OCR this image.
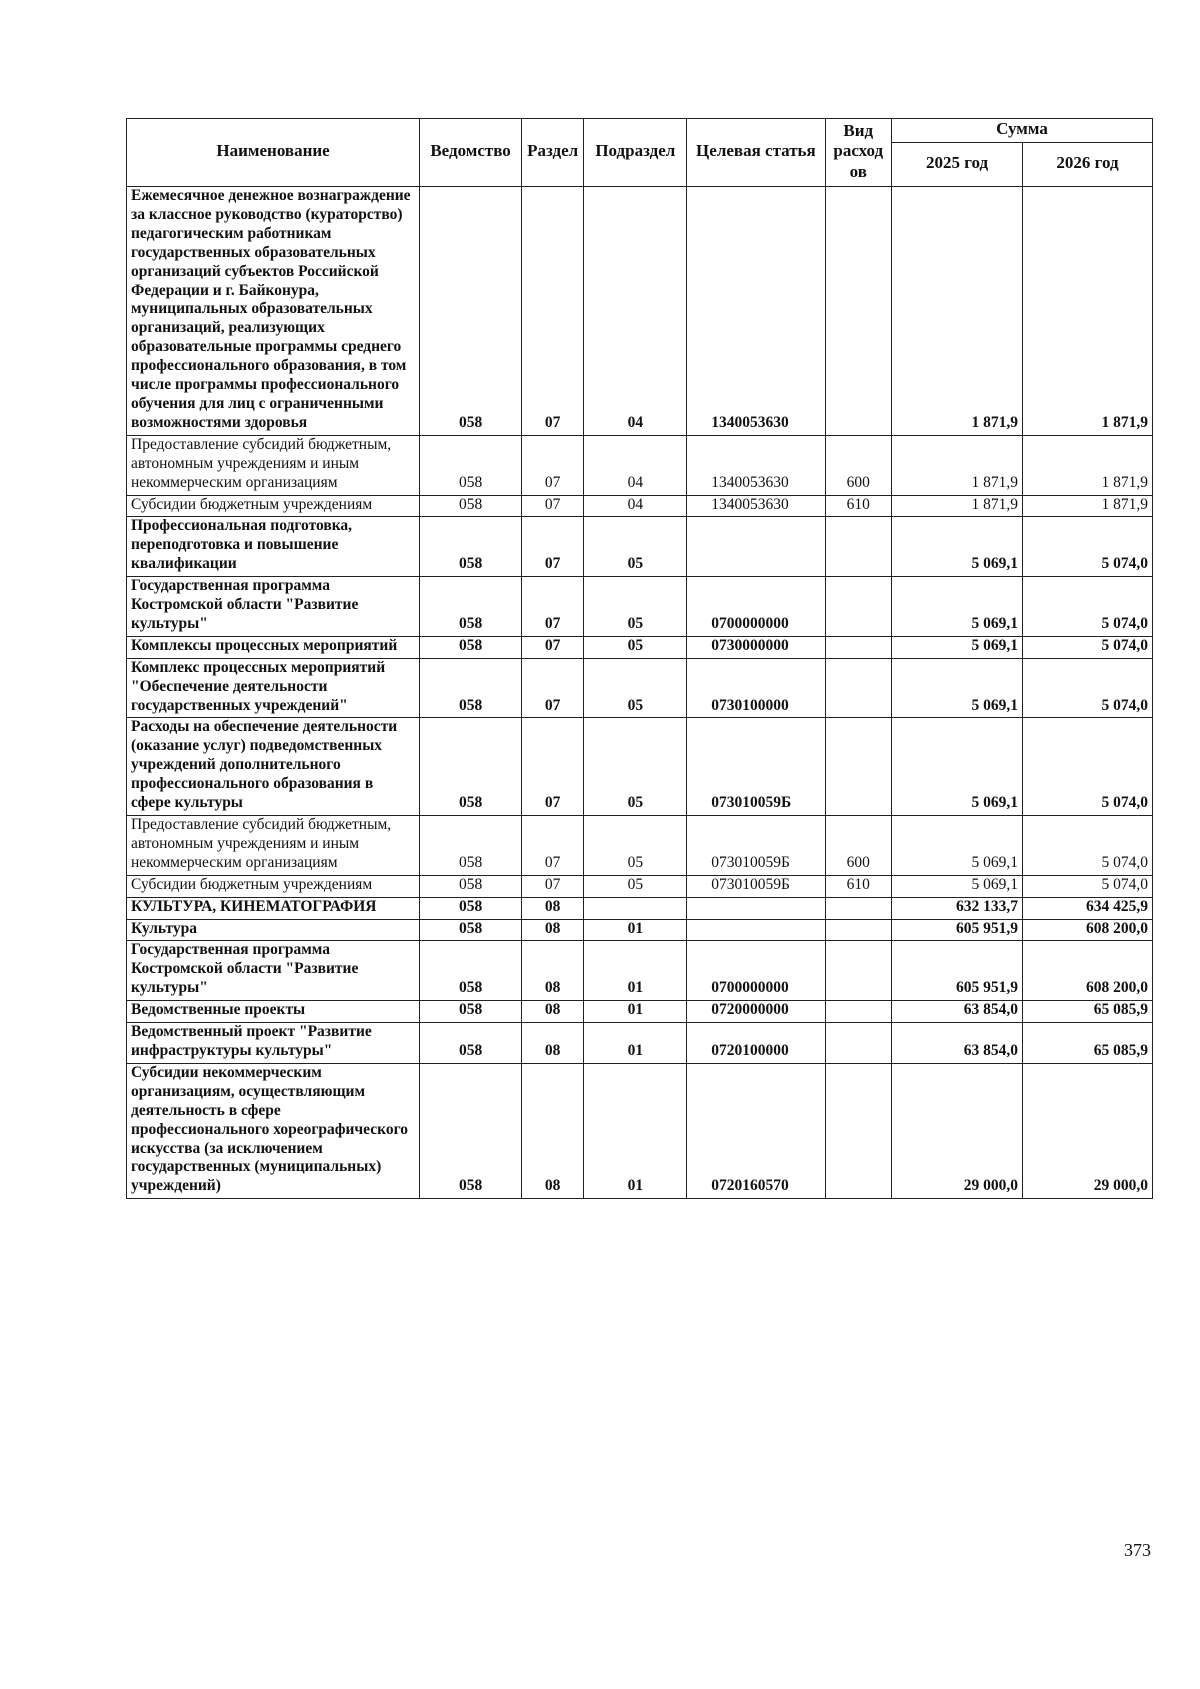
Наименование	Ведомство	Раздел	Подраздел	Целевая статья	Вид расход ов	Сумма	
						2025 год	2026 год
Ежемесячное денежное вознаграждение за классное руководство (кураторство) педагогическим работникам государственных образовательных организаций субъектов Российской Федерации и г. Байконура, муниципальных образовательных организаций, реализующих образовательные программы среднего профессионального образования, в том числе программы профессионального обучения для лиц с ограниченными возможностями здоровья	058	07	04	1340053630		1 871,9	1 871,9
Предоставление субсидий бюджетным, автономным учреждениям и иным некоммерческим организациям	058	07	04	1340053630	600	1 871,9	1 871,9
Субсидии бюджетным учреждениям	058	07	04	1340053630	610	1 871,9	1 871,9
Профессиональная подготовка, переподготовка и повышение квалификации	058	07	05			5 069,1	5 074,0
Государственная программа Костромской области "Развитие культуры"	058	07	05	0700000000		5 069,1	5 074,0
Комплексы процессных мероприятий	058	07	05	0730000000		5 069,1	5 074,0
Комплекс процессных мероприятий "Обеспечение деятельности государственных учреждений"	058	07	05	0730100000		5 069,1	5 074,0
Расходы на обеспечение деятельности (оказание услуг) подведомственных учреждений дополнительного профессионального образования в сфере культуры	058	07	05	073010059Б		5 069,1	5 074,0
Предоставление субсидий бюджетным, автономным учреждениям и иным некоммерческим организациям	058	07	05	073010059Б	600	5 069,1	5 074,0
Субсидии бюджетным учреждениям	058	07	05	073010059Б	610	5 069,1	5 074,0
КУЛЬТУРА, КИНЕМАТОГРАФИЯ	058	08				632 133,7	634 425,9
Культура	058	08	01			605 951,9	608 200,0
Государственная программа Костромской области "Развитие культуры"	058	08	01	0700000000		605 951,9	608 200,0
Ведомственные проекты	058	08	01	0720000000		63 854,0	65 085,9
Ведомственный проект "Развитие инфраструктуры культуры"	058	08	01	0720100000		63 854,0	65 085,9
Субсидии некоммерческим организациям, осуществляющим деятельность в сфере профессионального хореографического искусства (за исключением государственных (муниципальных) учреждений)	058	08	01	0720160570		29 000,0	29 000,0
373
